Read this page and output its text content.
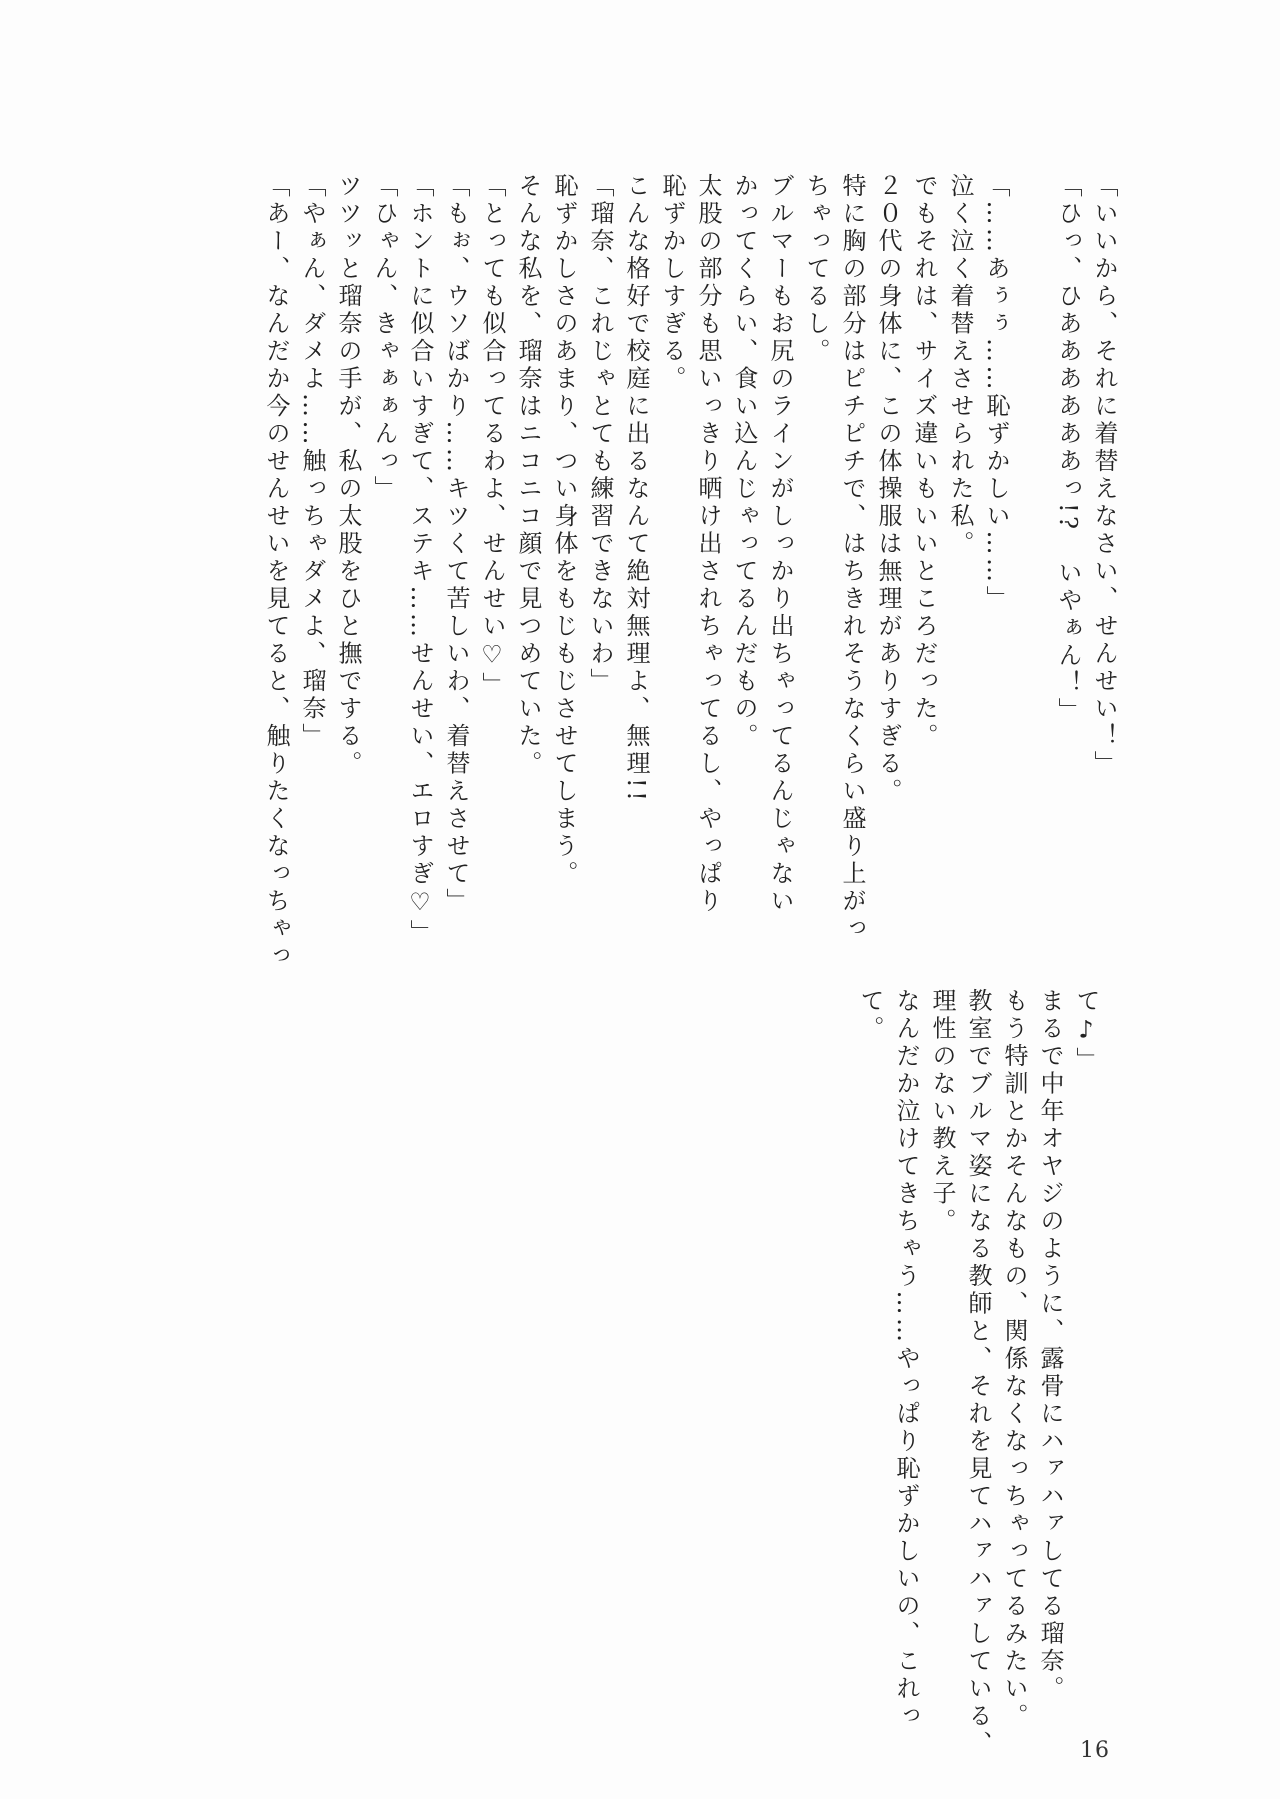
「いいから、それに着替えなさい、せんせい！」
「ひっ、ひああああああっ!?　いやぁん！」
「……あぅぅ……恥ずかしい……」
泣く泣く着替えさせられた私。
でもそれは、サイズ違いもいいところだった。
２０代の身体に、この体操服は無理がありすぎる。
特に胸の部分はピチピチで、はちきれそうなくらい盛り上がっ
ちゃってるし。
ブルマーもお尻のラインがしっかり出ちゃってるんじゃない
かってくらい、食い込んじゃってるんだもの。
太股の部分も思いっきり晒け出されちゃってるし、やっぱり
恥ずかしすぎる。
こんな格好で校庭に出るなんて絶対無理よ、無理!!
「瑠奈、これじゃとても練習できないわ」
恥ずかしさのあまり、つい身体をもじもじさせてしまう。
そんな私を、瑠奈はニコニコ顔で見つめていた。
「とっても似合ってるわよ、せんせい♡」
「もぉ、ウソばかり……キツくて苦しいわ、着替えさせて」
「ホントに似合いすぎて、ステキ……せんせい、エロすぎ♡」
「ひゃん、きゃぁぁんっ」
ツツッと瑠奈の手が、私の太股をひと撫でする。
「やぁん、ダメよ……触っちゃダメよ、瑠奈」
「あー、なんだか今のせんせいを見てると、触りたくなっちゃっ
て♪」
まるで中年オヤジのように、露骨にハァハァしてる瑠奈。
もう特訓とかそんなもの、関係なくなっちゃってるみたい。
教室でブルマ姿になる教師と、それを見てハァハァしている、
理性のない教え子。
なんだか泣けてきちゃう……やっぱり恥ずかしいの、これっ
て。
16
